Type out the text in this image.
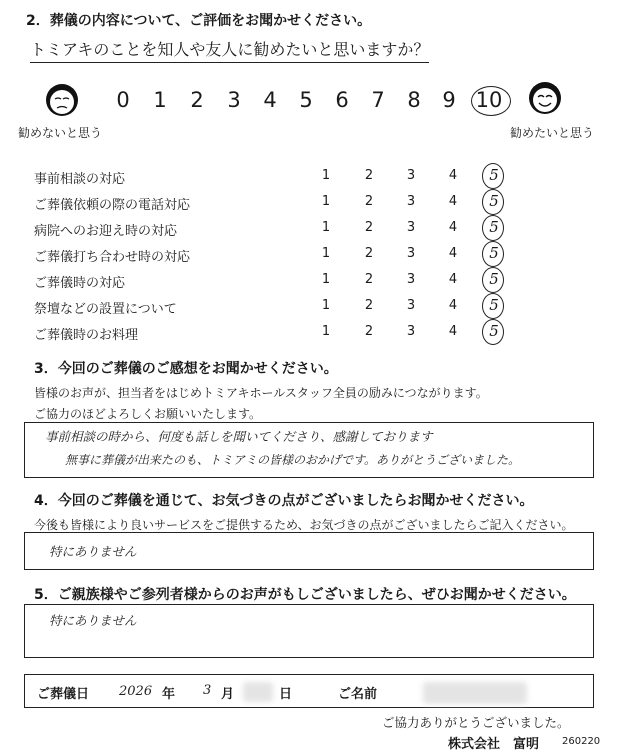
2．葬儀の内容について、ご評価をお聞かせください。
トミアキのことを知人や友人に勧めたいと思いますか？
0	1	2	3	4	5	6	7	8	9 10
勧めないと思う	勧めたいと思う
事前相談の対応	1	2	3	4	5
ご葬儀依頼の際の電話対応	1	2	3	4	5
病院へのお迎え時の対応	1	2	3	4	5
ご葬儀打ち合わせ時の対応	1	2	3	4	5
ご葬儀時の対応	1	2	3	4	5
祭壇などの設置について	1	2	3	4	5
ご葬儀時のお料理	1	2	3	4	5
3．今回のご葬儀のご感想をお聞かせください。
皆様のお声が、担当者をはじめトミアキホールスタッフ全員の励みにつながります。
ご協力のほどよろしくお願いいたします。
事前相談の時から、何度も話しを聞いてくださり、感謝しております
無事に葬儀が出来たのも、トミアミの皆様のおかげです。ありがとうございました。
4．今回のご葬儀を通じて、お気づきの点がございましたらお聞かせください。
今後も皆様により良いサービスをご提供するため、お気づきの点がございましたらご記入ください。
特にありません
5．ご親族様やご参列者様からのお声がもしございましたら、ぜひお聞かせください。
特にありません
ご葬儀日 2026 年 3 月	日	ご名前
ご協力ありがとうございました。
株式会社　富明 260220
